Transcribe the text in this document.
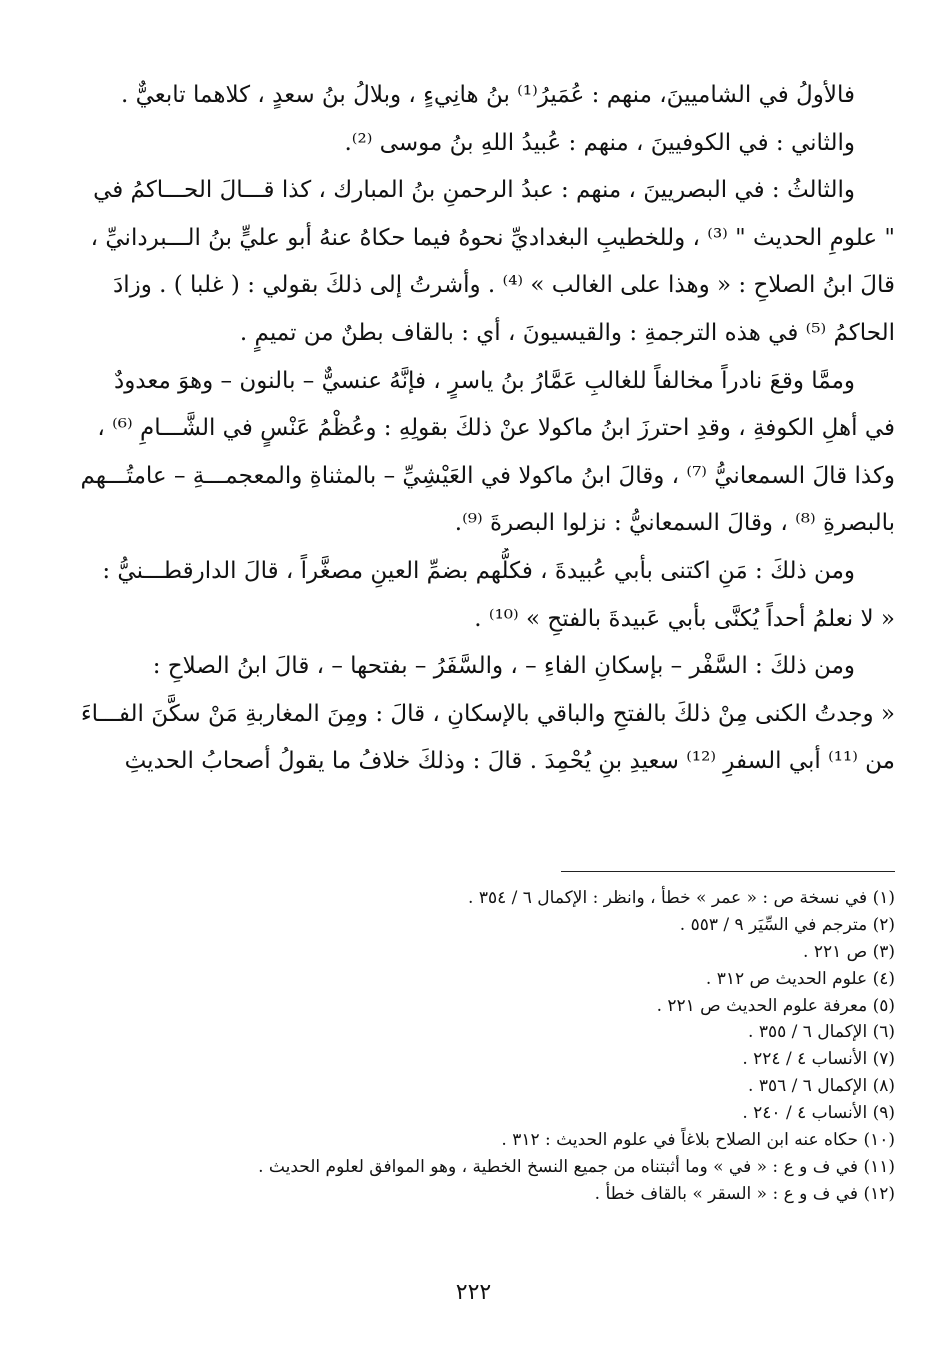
فالأولُ في الشاميينَ، منهم : عُمَيرُ⁽¹⁾ بنُ هانِيءٍ ، وبلالُ بنُ سعدٍ ، كلاهما تابعيٌّ .
والثاني : في الكوفيينَ ، منهم : عُبيدُ اللهِ بنُ موسى ⁽²⁾.
والثالثُ : في البصريينَ ، منهم : عبدُ الرحمنِ بنُ المبارك ، كذا قـــالَ الحـــاكمُ في
" علومِ الحديث " ⁽³⁾ ، وللخطيبِ البغداديِّ نحوهُ فيما حكاهُ عنهُ أبو عليٍّ بنُ الـــبردانيِّ ،
قالَ ابنُ الصلاحِ : « وهذا على الغالب » ⁽⁴⁾ . وأشرتُ إلى ذلكَ بقولي : ( غلبا ) . وزادَ
الحاكمُ ⁽⁵⁾ في هذه الترجمةِ : والقيسيونَ ، أي : بالقاف بطنٌ من تميمٍ .
وممَّا وقعَ نادراً مخالفاً للغالبِ عَمَّارُ بنُ ياسرٍ ، فإنَّهُ عنسيٌّ – بالنون – وهوَ معدودٌ
في أهلِ الكوفةِ ، وقدِ احترزَ ابنُ ماكولا عنْ ذلكَ بقولِهِ : وعُظْمُ عَنْسٍ في الشَّـــامِ ⁽⁶⁾ ،
وكذا قالَ السمعانيُّ ⁽⁷⁾ ، وقالَ ابنُ ماكولا في العَيْشِيِّ – بالمثناةِ والمعجمـــةِ – عامتُـــهم
بالبصرةِ ⁽⁸⁾ ، وقالَ السمعانيُّ : نزلوا البصرةَ ⁽⁹⁾.
ومن ذلكَ : مَنِ اكتنى بأبي عُبيدةَ ، فكلُّهم بضمِّ العينِ مصغَّراً ، قالَ الدارقطـــنيُّ :
« لا نعلمُ أحداً يُكنَّى بأبي عَبيدةَ بالفتحِ » ⁽¹⁰⁾ .
ومن ذلكَ : السَّفْر – بإسكانِ الفاءِ – ، والسَّفَرُ – بفتحها – ، قالَ ابنُ الصلاحِ :
« وجدتُ الكنى مِنْ ذلكَ بالفتحِ والباقي بالإسكانِ ، قالَ : ومِنَ المغاربةِ مَنْ سكَّنَ الفـــاءَ
من ⁽¹¹⁾ أبي السفرِ ⁽¹²⁾ سعيدِ بنِ يُحْمِدَ . قالَ : وذلكَ خلافُ ما يقولُ أصحابُ الحديثِ
(١) في نسخة ص : « عمر » خطأ ، وانظر : الإكمال ٦ / ٣٥٤ .
(٢) مترجم في السِّيَر ٩ / ٥٥٣ .
(٣) ص ٢٢١ .
(٤) علوم الحديث ص ٣١٢ .
(٥) معرفة علوم الحديث ص ٢٢١ .
(٦) الإكمال ٦ / ٣٥٥ .
(٧) الأنساب ٤ / ٢٢٤ .
(٨) الإكمال ٦ / ٣٥٦ .
(٩) الأنساب ٤ / ٢٤٠ .
(١٠) حكاه عنه ابن الصلاح بلاغاً في علوم الحديث : ٣١٢ .
(١١) في ف و ع : « في » وما أثبتناه من جميع النسخ الخطية ، وهو الموافق لعلوم الحديث .
(١٢) في ف و ع : « السقر » بالقاف خطأ .
٢٢٢
